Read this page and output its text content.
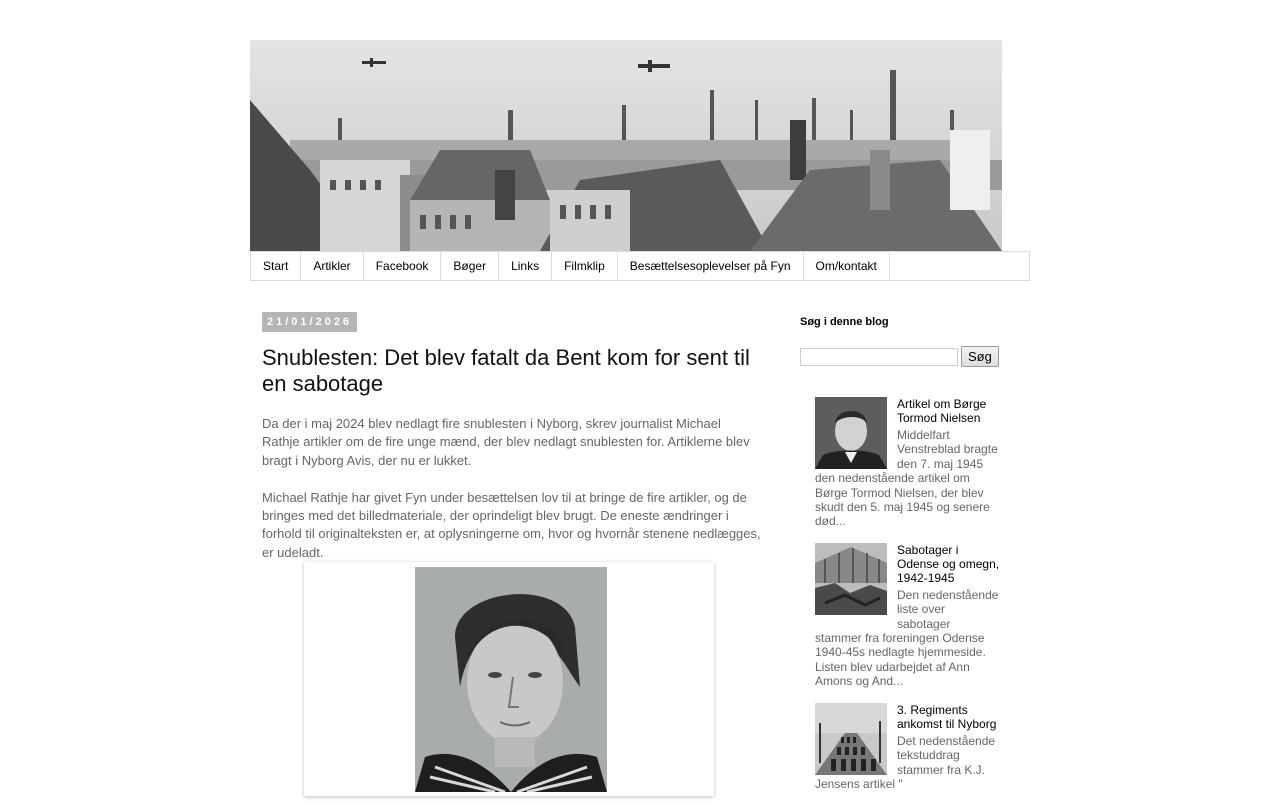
Start	Artikler	Facebook	Bøger	Links	Filmklip	Besættelsesoplevelser på Fyn	Om/kontakt
21/01/2026
Snublesten: Det blev fatalt da Bent kom for sent til en sabotage

Da der i maj 2024 blev nedlagt fire snublesten i Nyborg, skrev journalist Michael Rathje artikler om de fire unge mænd, der blev nedlagt snublesten for. Artiklerne blev bragt i Nyborg Avis, der nu er lukket.

Michael Rathje har givet Fyn under besættelsen lov til at bringe de fire artikler, og de bringes med det billedmateriale, der oprindeligt blev brugt. De eneste ændringer i forhold til originalteksten er, at oplysningerne om, hvor og hvornår stenene nedlægges, er udeladt.

Søg i denne blog
Søg
Artikel om Børge Tormod Nielsen
Middelfart Venstreblad bragte den 7. maj 1945 den nedenstående artikel om Børge Tormod Nielsen, der blev skudt den 5. maj 1945 og senere død...
Sabotager i Odense og omegn, 1942-1945
Den nedenstående liste over sabotager stammer fra foreningen Odense 1940-45s nedlagte hjemmeside. Listen blev udarbejdet af Ann Amons og And...
3. Regiments ankomst til Nyborg
Det nedenstående tekstuddrag stammer fra K.J. Jensens artikel "
